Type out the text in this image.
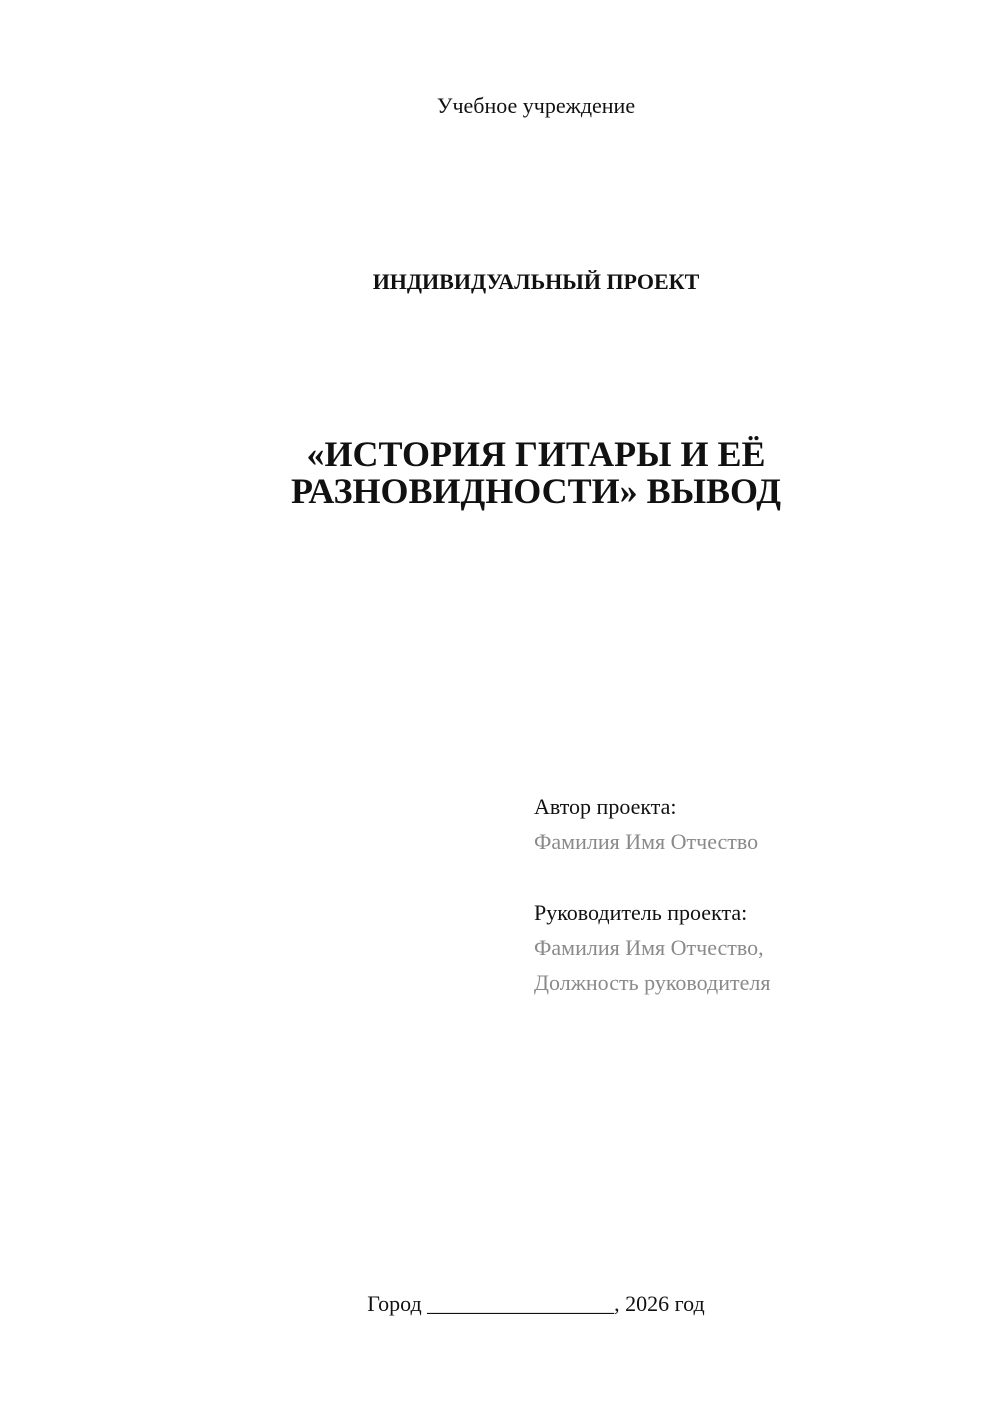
Учебное учреждение
ИНДИВИДУАЛЬНЫЙ ПРОЕКТ
«ИСТОРИЯ ГИТАРЫ И ЕЁ
РАЗНОВИДНОСТИ» ВЫВОД
Автор проекта:
Фамилия Имя Отчество
Руководитель проекта:
Фамилия Имя Отчество,
Должность руководителя
Город _________________, 2026 год
